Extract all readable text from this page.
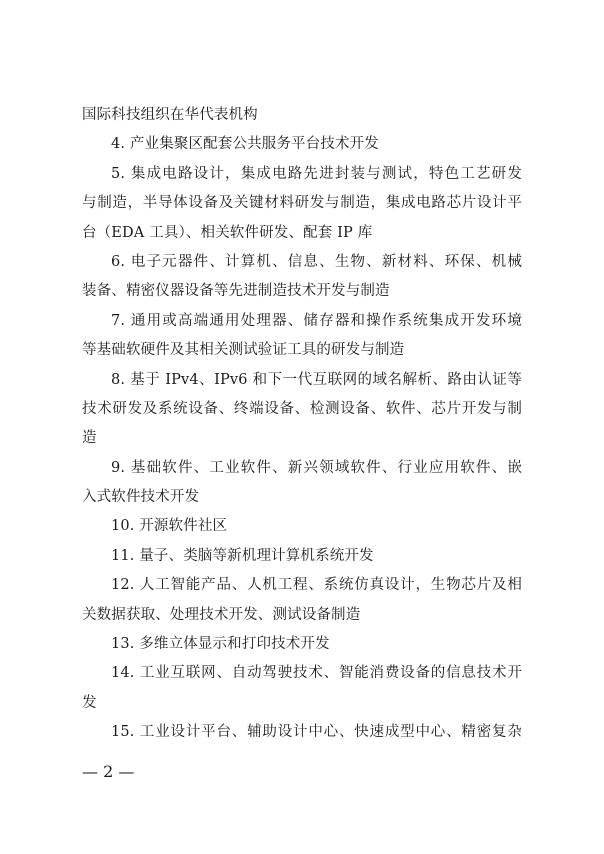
国际科技组织在华代表机构
4. 产业集聚区配套公共服务平台技术开发
5. 集成电路设计，集成电路先进封装与测试，特色工艺研发
与制造，半导体设备及关键材料研发与制造，集成电路芯片设计平
台（EDA 工具）、相关软件研发、配套 IP 库
6. 电子元器件、计算机、信息、生物、新材料、环保、机械
装备、精密仪器设备等先进制造技术开发与制造
7. 通用或高端通用处理器、储存器和操作系统集成开发环境
等基础软硬件及其相关测试验证工具的研发与制造
8. 基于 IPv4、IPv6 和下一代互联网的域名解析、路由认证等
技术研发及系统设备、终端设备、检测设备、软件、芯片开发与制
造
9. 基础软件、工业软件、新兴领域软件、行业应用软件、嵌
入式软件技术开发
10. 开源软件社区
11. 量子、类脑等新机理计算机系统开发
12. 人工智能产品、人机工程、系统仿真设计，生物芯片及相
关数据获取、处理技术开发、测试设备制造
13. 多维立体显示和打印技术开发
14. 工业互联网、自动驾驶技术、智能消费设备的信息技术开
发
15. 工业设计平台、辅助设计中心、快速成型中心、精密复杂
— 2 —
